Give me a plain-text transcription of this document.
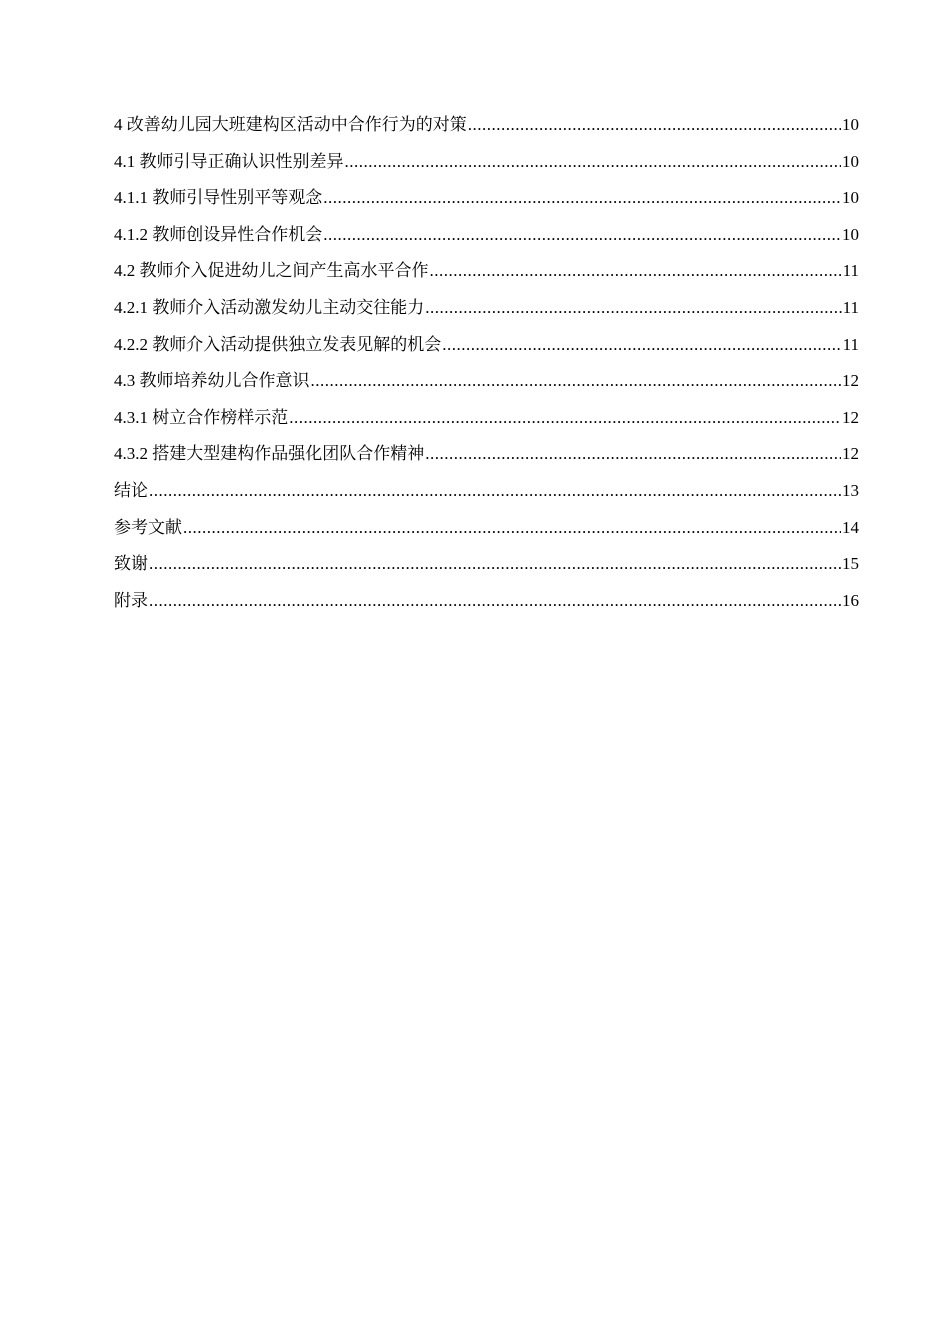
4 改善幼儿园大班建构区活动中合作行为的对策 .....	10
4.1 教师引导正确认识性别差异 .....	10
4.1.1 教师引导性别平等观念 .....	10
4.1.2 教师创设异性合作机会 .....	10
4.2 教师介入促进幼儿之间产生高水平合作 .....	11
4.2.1 教师介入活动激发幼儿主动交往能力 .....	11
4.2.2 教师介入活动提供独立发表见解的机会 .....	11
4.3 教师培养幼儿合作意识 .....	12
4.3.1 树立合作榜样示范 .....	12
4.3.2 搭建大型建构作品强化团队合作精神 .....	12
结论 .....	13
参考文献 .....	14
致谢 .....	15
附录 .....	16
